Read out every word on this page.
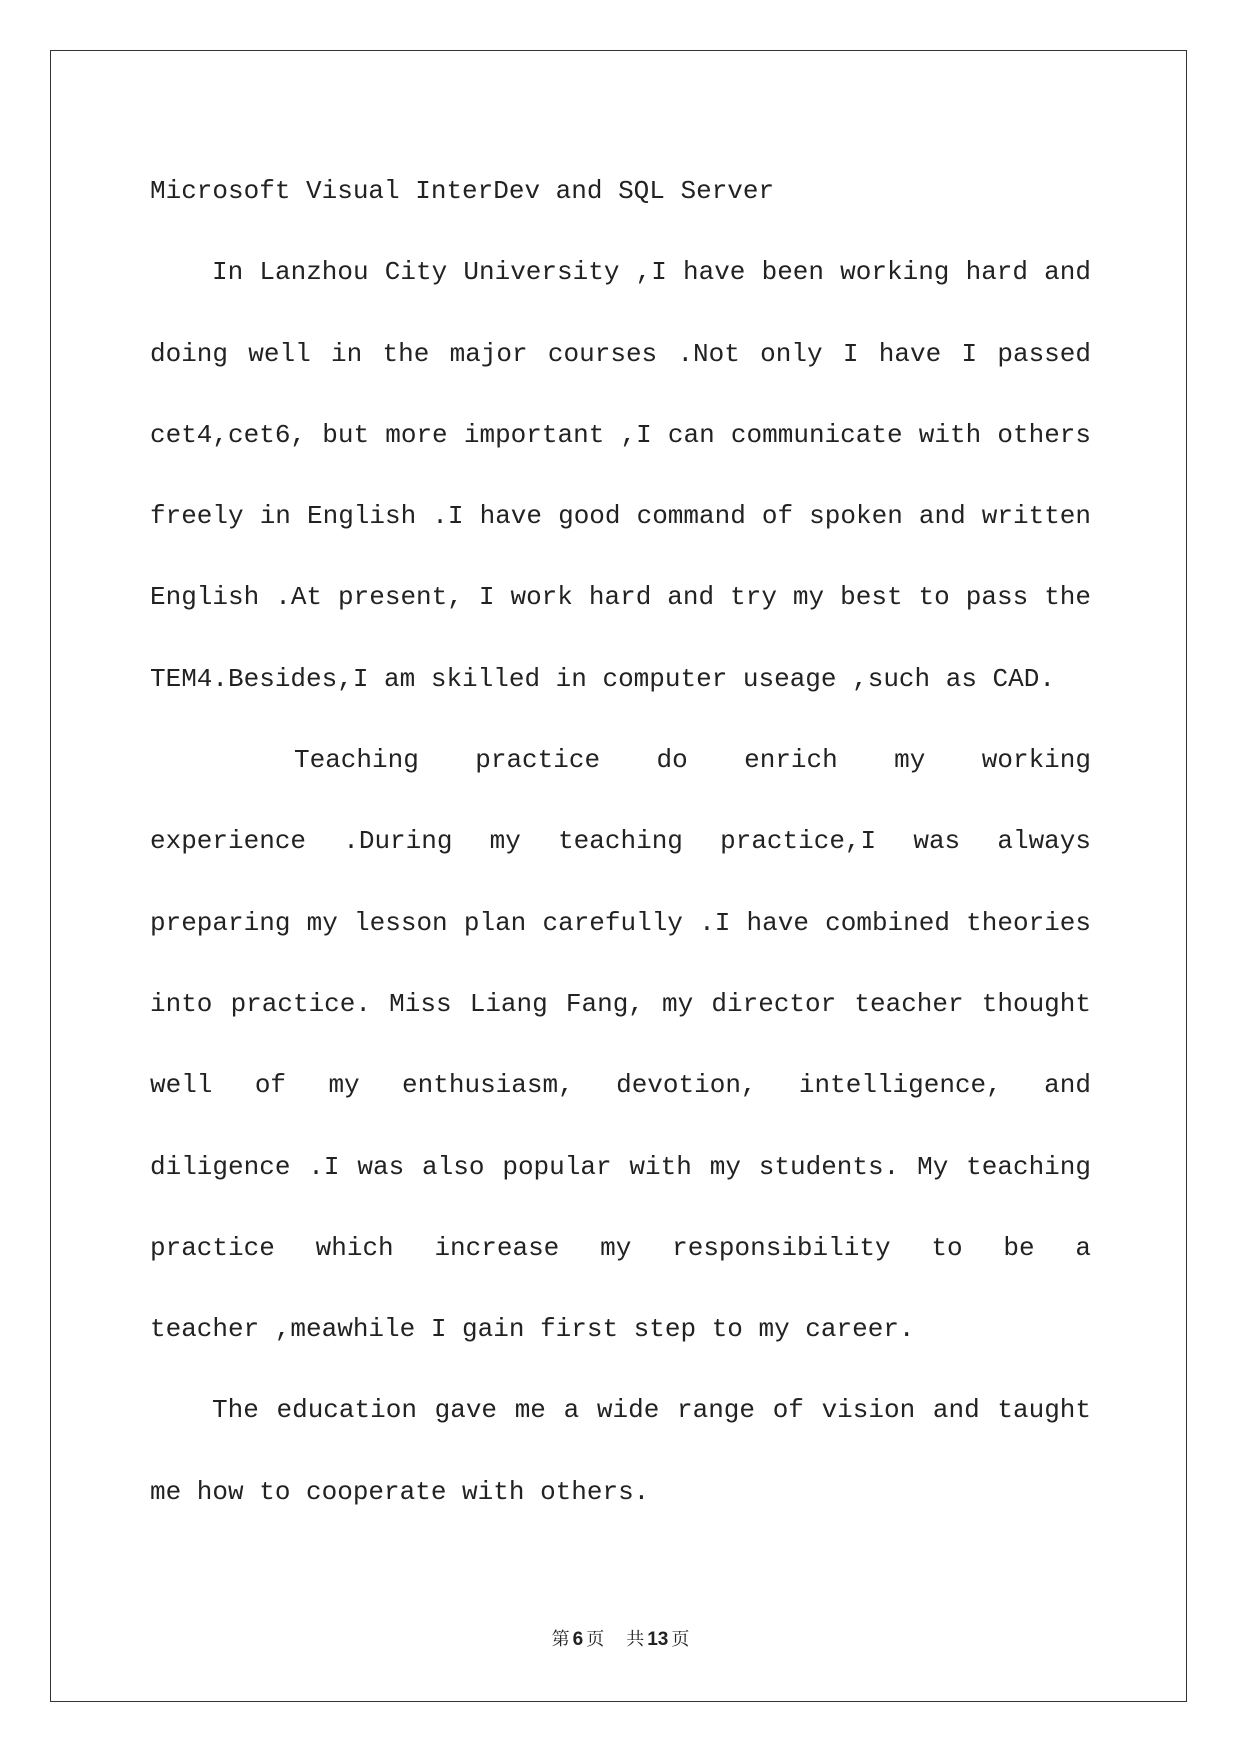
Microsoft Visual InterDev and SQL Server
In Lanzhou City University ,I have been working hard and
doing well in the major courses .Not only I have I passed
cet4,cet6, but more important ,I can communicate with others
freely in English .I have good command of spoken and written
English .At present, I work hard and try my best to pass the
TEM4.Besides,I am skilled in computer useage ,such as CAD.
Teaching practice do enrich my working
experience .During my teaching practice,I was always
preparing my lesson plan carefully .I have combined theories
into practice. Miss Liang Fang, my director teacher thought
well of my enthusiasm, devotion, intelligence, and
diligence .I was also popular with my students. My teaching
practice which increase my responsibility to be a
teacher ,meawhile I gain first step to my career.
The education gave me a wide range of vision and taught
me how to cooperate with others.
第 6 页 共 13 页
